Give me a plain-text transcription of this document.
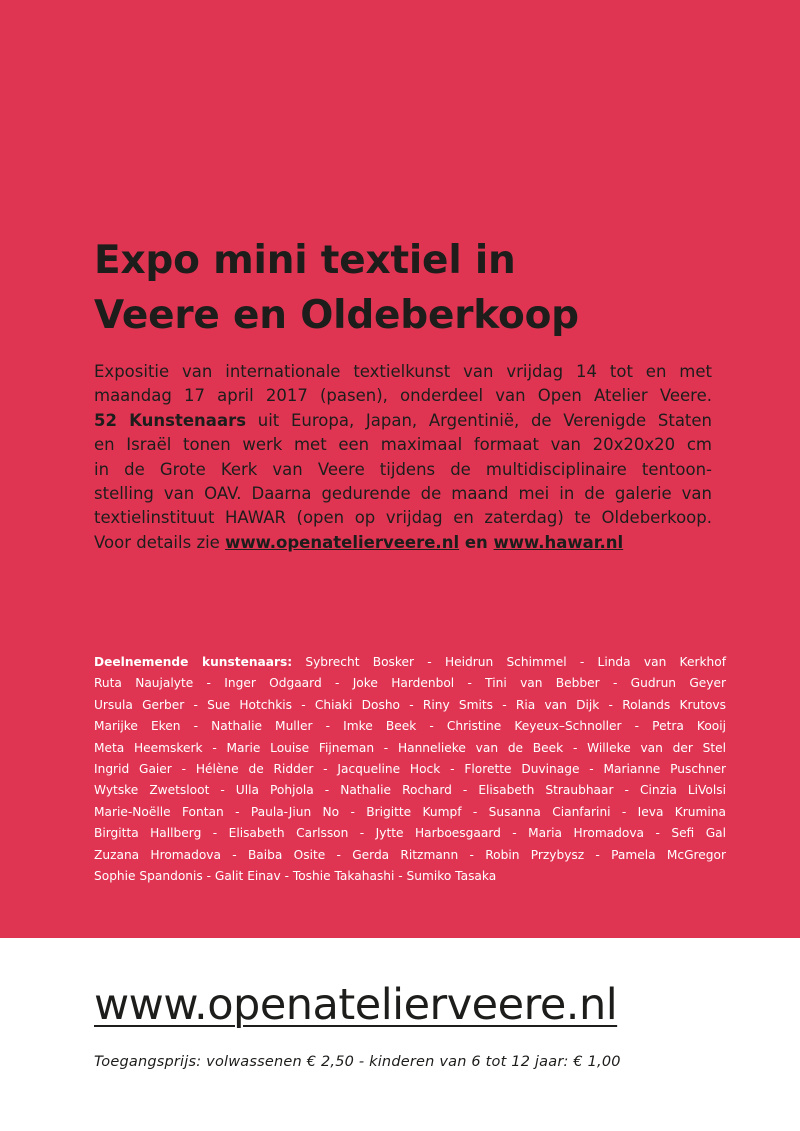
Expo mini textiel in
Veere en Oldeberkoop

Expositie van internationale textielkunst van vrijdag 14 tot en met
maandag 17 april 2017 (pasen), onderdeel van Open Atelier Veere.
52 Kunstenaars uit Europa, Japan, Argentinië, de Verenigde Staten
en Israël tonen werk met een maximaal formaat van 20x20x20 cm
in de Grote Kerk van Veere tijdens de multidisciplinaire tentoon-
stelling van OAV. Daarna gedurende de maand mei in de galerie van
textielinstituut HAWAR (open op vrijdag en zaterdag) te Oldeberkoop.
Voor details zie www.openatelierveere.nl en www.hawar.nl

Deelnemende kunstenaars: Sybrecht Bosker - Heidrun Schimmel - Linda van Kerkhof
Ruta Naujalyte - Inger Odgaard - Joke Hardenbol - Tini van Bebber - Gudrun Geyer
Ursula Gerber - Sue Hotchkis - Chiaki Dosho - Riny Smits - Ria van Dijk - Rolands Krutovs
Marijke Eken - Nathalie Muller - Imke Beek - Christine Keyeux–Schnoller - Petra Kooij
Meta Heemskerk - Marie Louise Fijneman - Hannelieke van de Beek - Willeke van der Stel
Ingrid Gaier - Hélène de Ridder - Jacqueline Hock - Florette Duvinage - Marianne Puschner
Wytske Zwetsloot - Ulla Pohjola - Nathalie Rochard - Elisabeth Straubhaar - Cinzia LiVolsi
Marie-Noëlle Fontan - Paula-Jiun No - Brigitte Kumpf - Susanna Cianfarini - Ieva Krumina
Birgitta Hallberg - Elisabeth Carlsson - Jytte Harboesgaard - Maria Hromadova - Sefi Gal
Zuzana Hromadova - Baiba Osite - Gerda Ritzmann - Robin Przybysz - Pamela McGregor
Sophie Spandonis - Galit Einav - Toshie Takahashi - Sumiko Tasaka

www.openatelierveere.nl
Toegangsprijs: volwassenen € 2,50 - kinderen van 6 tot 12 jaar: € 1,00
